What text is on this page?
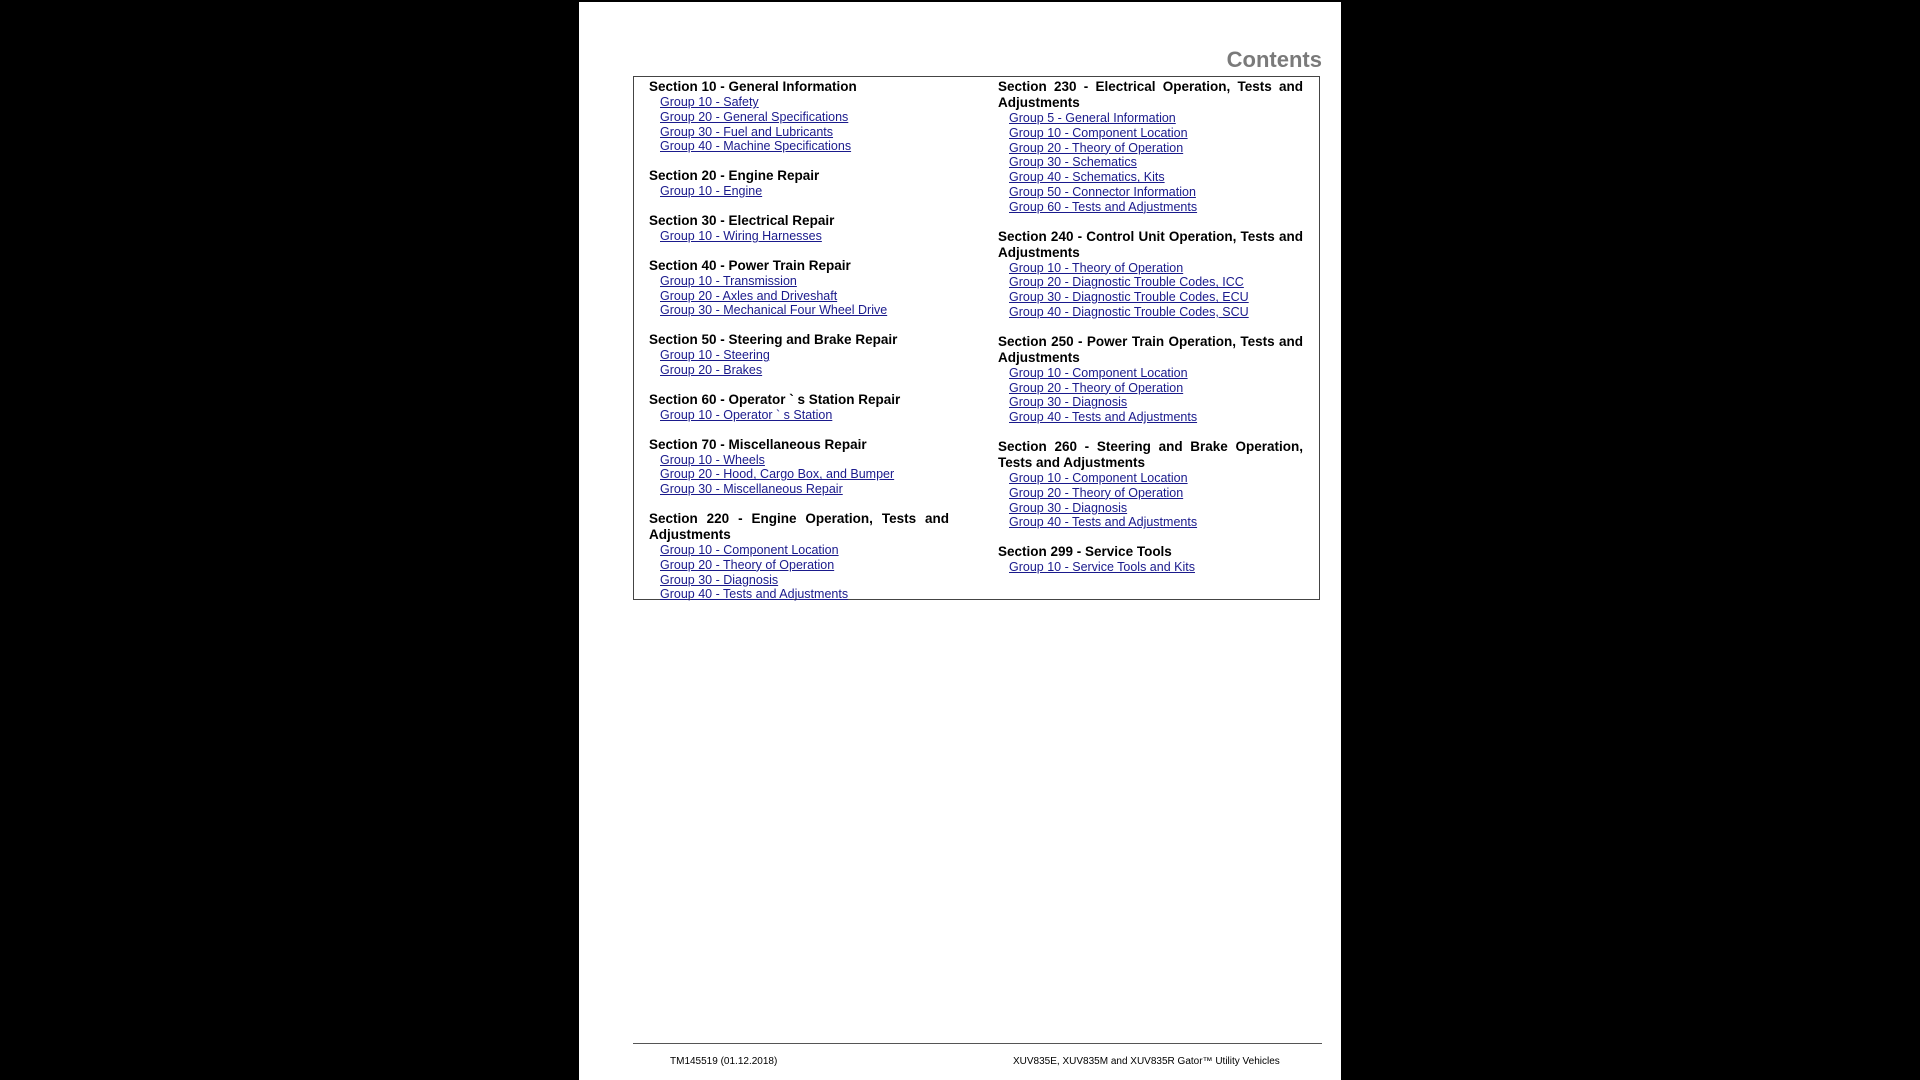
Contents
Section 10 - General Information
Group 10 - Safety
Group 20 - General Specifications
Group 30 - Fuel and Lubricants
Group 40 - Machine Specifications
Section 20 - Engine Repair
Group 10 - Engine
Section 30 - Electrical Repair
Group 10 - Wiring Harnesses
Section 40 - Power Train Repair
Group 10 - Transmission
Group 20 - Axles and Driveshaft
Group 30 - Mechanical Four Wheel Drive
Section 50 - Steering and Brake Repair
Group 10 - Steering
Group 20 - Brakes
Section 60 - Operator ` s Station Repair
Group 10 - Operator ` s Station
Section 70 - Miscellaneous Repair
Group 10 - Wheels
Group 20 - Hood, Cargo Box, and Bumper
Group 30 - Miscellaneous Repair
Section 220 - Engine Operation, Tests and Adjustments
Group 10 - Component Location
Group 20 - Theory of Operation
Group 30 - Diagnosis
Group 40 - Tests and Adjustments
Section 230 - Electrical Operation, Tests and Adjustments
Group 5 - General Information
Group 10 - Component Location
Group 20 - Theory of Operation
Group 30 - Schematics
Group 40 - Schematics, Kits
Group 50 - Connector Information
Group 60 - Tests and Adjustments
Section 240 - Control Unit Operation, Tests and Adjustments
Group 10 - Theory of Operation
Group 20 - Diagnostic Trouble Codes, ICC
Group 30 - Diagnostic Trouble Codes, ECU
Group 40 - Diagnostic Trouble Codes, SCU
Section 250 - Power Train Operation, Tests and Adjustments
Group 10 - Component Location
Group 20 - Theory of Operation
Group 30 - Diagnosis
Group 40 - Tests and Adjustments
Section 260 - Steering and Brake Operation, Tests and Adjustments
Group 10 - Component Location
Group 20 - Theory of Operation
Group 30 - Diagnosis
Group 40 - Tests and Adjustments
Section 299 - Service Tools
Group 10 - Service Tools and Kits
TM145519 (01.12.2018)	XUV835E, XUV835M and XUV835R Gator™ Utility Vehicles
